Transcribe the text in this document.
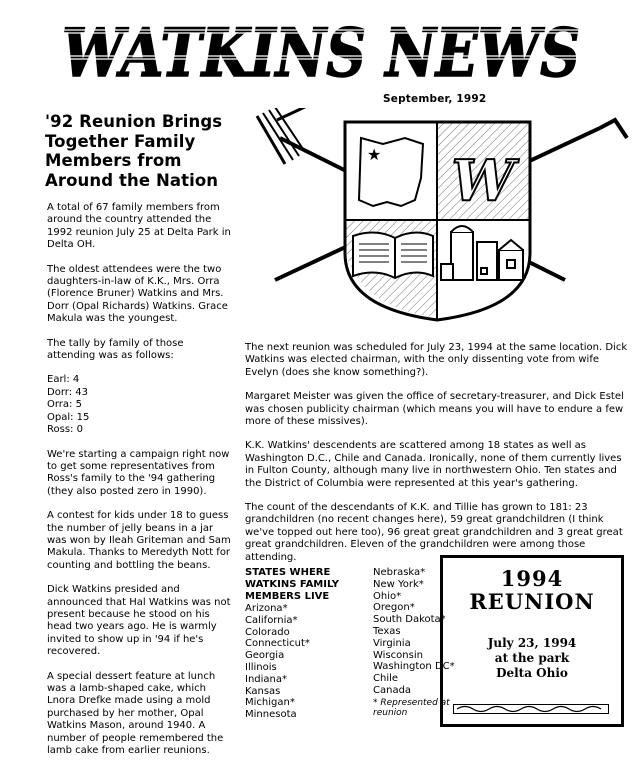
WATKINS NEWS
September, 1992
'92 Reunion Brings
Together Family
Members from
Around the Nation

A total of 67 family members from around the country attended the 1992 reunion July 25 at Delta Park in Delta OH.

The oldest attendees were the two daughters-in-law of K.K., Mrs. Orra (Florence Bruner) Watkins and Mrs. Dorr (Opal Richards) Watkins. Grace Makula was the youngest.

The tally by family of those attending was as follows:

Earl: 4
Dorr: 43
Orra: 5
Opal: 15
Ross: 0

We're starting a campaign right now to get some representatives from Ross's family to the '94 gathering (they also posted zero in 1990).

A contest for kids under 18 to guess the number of jelly beans in a jar was won by Ileah Griteman and Sam Makula. Thanks to Meredyth Nott for counting and bottling the beans.

Dick Watkins presided and announced that Hal Watkins was not present because he stood on his head two years ago. He is warmly invited to show up in '94 if he's recovered.

A special dessert feature at lunch was a lamb-shaped cake, which Lnora Drefke made using a mold purchased by her mother, Opal Watkins Mason, around 1940. A number of people remembered the lamb cake from earlier reunions.

★ W

The next reunion was scheduled for July 23, 1994 at the same location. Dick Watkins was elected chairman, with the only dissenting vote from wife Evelyn (does she know something?).

Margaret Meister was given the office of secretary-treasurer, and Dick Estel was chosen publicity chairman (which means you will have to endure a few more of these missives).

K.K. Watkins' descendents are scattered among 18 states as well as Washington D.C., Chile and Canada. Ironically, none of them currently lives in Fulton County, although many live in northwestern Ohio. Ten states and the District of Columbia were represented at this year's gathering.

The count of the descendants of K.K. and Tillie has grown to 181: 23 grandchildren (no recent changes here), 59 great grandchildren (I think we've topped out here too), 96 great great grandchildren and 3 great great great grandchildren. Eleven of the grandchildren were among those attending.

STATES WHERE
WATKINS FAMILY
MEMBERS LIVE
Arizona*
California*
Colorado
Connecticut*
Georgia
Illinois
Indiana*
Kansas
Michigan*
Minnesota
Nebraska*
New York*
Ohio*
Oregon*
South Dakota*
Texas
Virginia
Wisconsin
Washington DC*
Chile
Canada
* Represented at reunion
1994
REUNION
July 23, 1994
at the park
Delta Ohio
